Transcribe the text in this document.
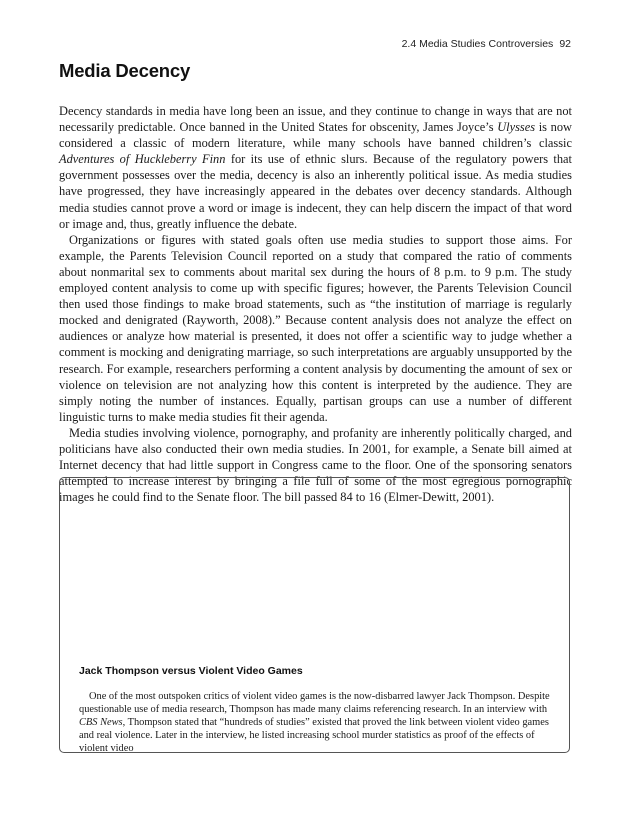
2.4 Media Studies Controversies 92
Media Decency

Decency standards in media have long been an issue, and they continue to change in ways that are not necessarily predictable. Once banned in the United States for obscenity, James Joyce’s Ulysses is now considered a classic of modern literature, while many schools have banned children’s classic Adventures of Huckleberry Finn for its use of ethnic slurs. Because of the regulatory powers that government possesses over the media, decency is also an inherently political issue. As media studies have progressed, they have increasingly appeared in the debates over decency standards. Although media studies cannot prove a word or image is indecent, they can help discern the impact of that word or image and, thus, greatly influence the debate.

Organizations or figures with stated goals often use media studies to support those aims. For example, the Parents Television Council reported on a study that compared the ratio of comments about nonmarital sex to comments about marital sex during the hours of 8 p.m. to 9 p.m. The study employed content analysis to come up with specific figures; however, the Parents Television Council then used those findings to make broad statements, such as “the institution of marriage is regularly mocked and denigrated (Rayworth, 2008).” Because content analysis does not analyze the effect on audiences or analyze how material is presented, it does not offer a scientific way to judge whether a comment is mocking and denigrating marriage, so such interpretations are arguably unsupported by the research. For example, researchers performing a content analysis by documenting the amount of sex or violence on television are not analyzing how this content is interpreted by the audience. They are simply noting the number of instances. Equally, partisan groups can use a number of different linguistic turns to make media studies fit their agenda.

Media studies involving violence, pornography, and profanity are inherently politically charged, and politicians have also conducted their own media studies. In 2001, for example, a Senate bill aimed at Internet decency that had little support in Congress came to the floor. One of the sponsoring senators attempted to increase interest by bringing a file full of some of the most egregious pornographic images he could find to the Senate floor. The bill passed 84 to 16 (Elmer-Dewitt, 2001).

Jack Thompson versus Violent Video Games

One of the most outspoken critics of violent video games is the now-disbarred lawyer Jack Thompson. Despite questionable use of media research, Thompson has made many claims referencing research. In an interview with CBS News, Thompson stated that “hundreds of studies” existed that proved the link between violent video games and real violence. Later in the interview, he listed increasing school murder statistics as proof of the effects of violent video
